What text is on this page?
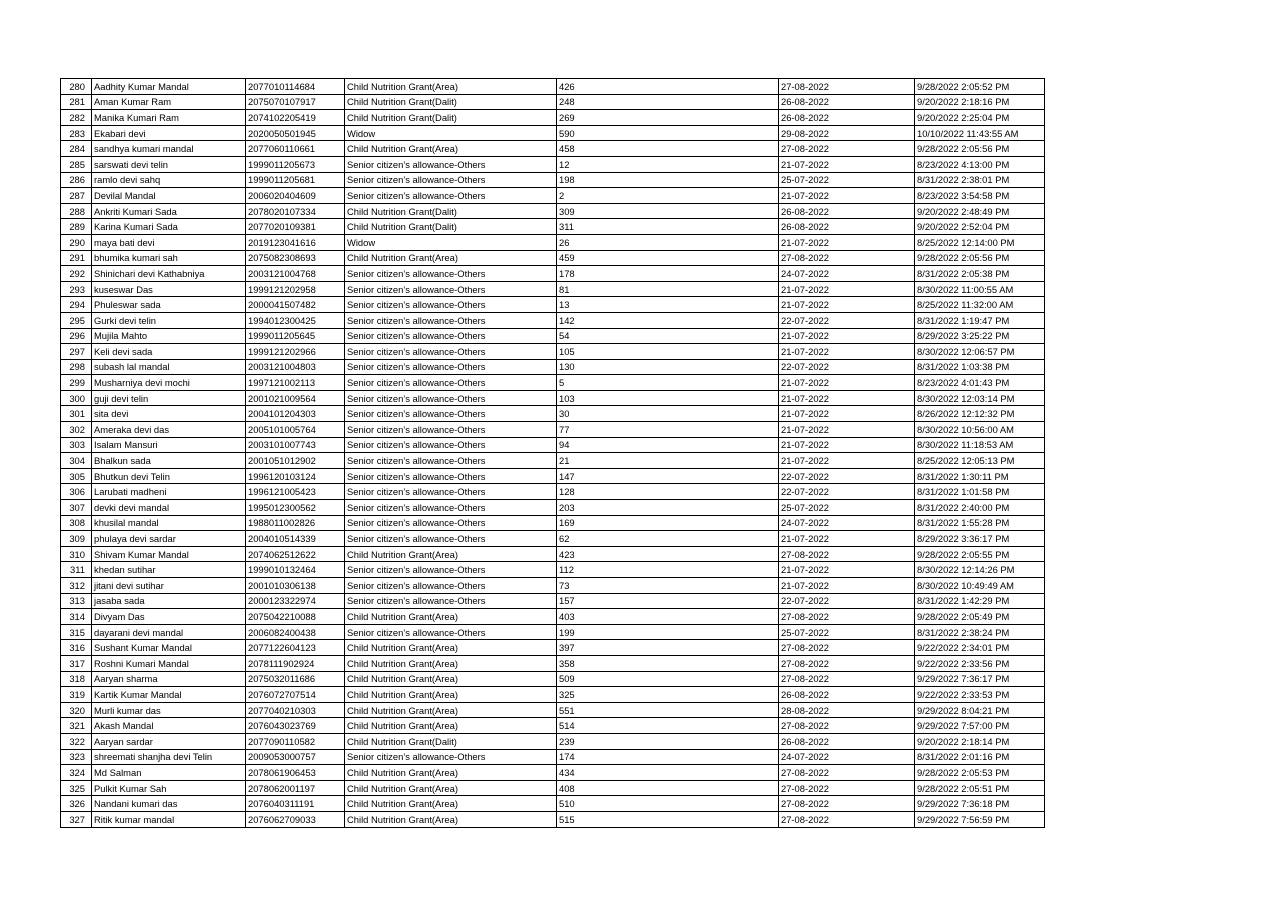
280	Aadhity Kumar Mandal	2077010114684	Child Nutrition Grant(Area)	426	27-08-2022	9/28/2022 2:05:52 PM
281	Aman Kumar Ram	2075070107917	Child Nutrition Grant(Dalit)	248	26-08-2022	9/20/2022 2:18:16 PM
282	Manika Kumari Ram	2074102205419	Child Nutrition Grant(Dalit)	269	26-08-2022	9/20/2022 2:25:04 PM
283	Ekabari devi	2020050501945	Widow	590	29-08-2022	10/10/2022 11:43:55 AM
284	sandhya kumari mandal	2077060110661	Child Nutrition Grant(Area)	458	27-08-2022	9/28/2022 2:05:56 PM
285	sarswati devi telin	1999011205673	Senior citizen’s allowance-Others	12	21-07-2022	8/23/2022 4:13:00 PM
286	ramlo devi sahq	1999011205681	Senior citizen’s allowance-Others	198	25-07-2022	8/31/2022 2:38:01 PM
287	Devilal Mandal	2006020404609	Senior citizen’s allowance-Others	2	21-07-2022	8/23/2022 3:54:58 PM
288	Ankriti Kumari Sada	2078020107334	Child Nutrition Grant(Dalit)	309	26-08-2022	9/20/2022 2:48:49 PM
289	Karina Kumari Sada	2077020109381	Child Nutrition Grant(Dalit)	311	26-08-2022	9/20/2022 2:52:04 PM
290	maya bati devi	2019123041616	Widow	26	21-07-2022	8/25/2022 12:14:00 PM
291	bhumika kumari sah	2075082308693	Child Nutrition Grant(Area)	459	27-08-2022	9/28/2022 2:05:56 PM
292	Shinichari devi Kathabniya	2003121004768	Senior citizen’s allowance-Others	178	24-07-2022	8/31/2022 2:05:38 PM
293	kuseswar Das	1999121202958	Senior citizen’s allowance-Others	81	21-07-2022	8/30/2022 11:00:55 AM
294	Phuleswar sada	2000041507482	Senior citizen’s allowance-Others	13	21-07-2022	8/25/2022 11:32:00 AM
295	Gurki devi telin	1994012300425	Senior citizen’s allowance-Others	142	22-07-2022	8/31/2022 1:19:47 PM
296	Mujila Mahto	1999011205645	Senior citizen’s allowance-Others	54	21-07-2022	8/29/2022 3:25:22 PM
297	Keli devi sada	1999121202966	Senior citizen’s allowance-Others	105	21-07-2022	8/30/2022 12:06:57 PM
298	subash lal mandal	2003121004803	Senior citizen’s allowance-Others	130	22-07-2022	8/31/2022 1:03:38 PM
299	Musharniya devi mochi	1997121002113	Senior citizen’s allowance-Others	5	21-07-2022	8/23/2022 4:01:43 PM
300	guji devi telin	2001021009564	Senior citizen’s allowance-Others	103	21-07-2022	8/30/2022 12:03:14 PM
301	sita devi	2004101204303	Senior citizen’s allowance-Others	30	21-07-2022	8/26/2022 12:12:32 PM
302	Ameraka devi das	2005101005764	Senior citizen’s allowance-Others	77	21-07-2022	8/30/2022 10:56:00 AM
303	Isalam Mansuri	2003101007743	Senior citizen’s allowance-Others	94	21-07-2022	8/30/2022 11:18:53 AM
304	Bhalkun sada	2001051012902	Senior citizen’s allowance-Others	21	21-07-2022	8/25/2022 12:05:13 PM
305	Bhutkun devi Telin	1996120103124	Senior citizen’s allowance-Others	147	22-07-2022	8/31/2022 1:30:11 PM
306	Larubati madheni	1996121005423	Senior citizen’s allowance-Others	128	22-07-2022	8/31/2022 1:01:58 PM
307	devki devi mandal	1995012300562	Senior citizen’s allowance-Others	203	25-07-2022	8/31/2022 2:40:00 PM
308	khusilal mandal	1988011002826	Senior citizen’s allowance-Others	169	24-07-2022	8/31/2022 1:55:28 PM
309	phulaya devi sardar	2004010514339	Senior citizen’s allowance-Others	62	21-07-2022	8/29/2022 3:36:17 PM
310	Shivam Kumar Mandal	2074062512622	Child Nutrition Grant(Area)	423	27-08-2022	9/28/2022 2:05:55 PM
311	khedan sutihar	1999010132464	Senior citizen’s allowance-Others	112	21-07-2022	8/30/2022 12:14:26 PM
312	jitani devi sutihar	2001010306138	Senior citizen’s allowance-Others	73	21-07-2022	8/30/2022 10:49:49 AM
313	jasaba sada	2000123322974	Senior citizen’s allowance-Others	157	22-07-2022	8/31/2022 1:42:29 PM
314	Divyam Das	2075042210088	Child Nutrition Grant(Area)	403	27-08-2022	9/28/2022 2:05:49 PM
315	dayarani devi mandal	2006082400438	Senior citizen’s allowance-Others	199	25-07-2022	8/31/2022 2:38:24 PM
316	Sushant Kumar Mandal	2077122604123	Child Nutrition Grant(Area)	397	27-08-2022	9/22/2022 2:34:01 PM
317	Roshni Kumari Mandal	2078111902924	Child Nutrition Grant(Area)	358	27-08-2022	9/22/2022 2:33:56 PM
318	Aaryan sharma	2075032011686	Child Nutrition Grant(Area)	509	27-08-2022	9/29/2022 7:36:17 PM
319	Kartik Kumar Mandal	2076072707514	Child Nutrition Grant(Area)	325	26-08-2022	9/22/2022 2:33:53 PM
320	Murli kumar das	2077040210303	Child Nutrition Grant(Area)	551	28-08-2022	9/29/2022 8:04:21 PM
321	Akash Mandal	2076043023769	Child Nutrition Grant(Area)	514	27-08-2022	9/29/2022 7:57:00 PM
322	Aaryan sardar	2077090110582	Child Nutrition Grant(Dalit)	239	26-08-2022	9/20/2022 2:18:14 PM
323	shreemati shanjha devi Telin	2009053000757	Senior citizen’s allowance-Others	174	24-07-2022	8/31/2022 2:01:16 PM
324	Md Salman	2078061906453	Child Nutrition Grant(Area)	434	27-08-2022	9/28/2022 2:05:53 PM
325	Pulkit Kumar Sah	2078062001197	Child Nutrition Grant(Area)	408	27-08-2022	9/28/2022 2:05:51 PM
326	Nandani kumari das	2076040311191	Child Nutrition Grant(Area)	510	27-08-2022	9/29/2022 7:36:18 PM
327	Ritik kumar mandal	2076062709033	Child Nutrition Grant(Area)	515	27-08-2022	9/29/2022 7:56:59 PM
